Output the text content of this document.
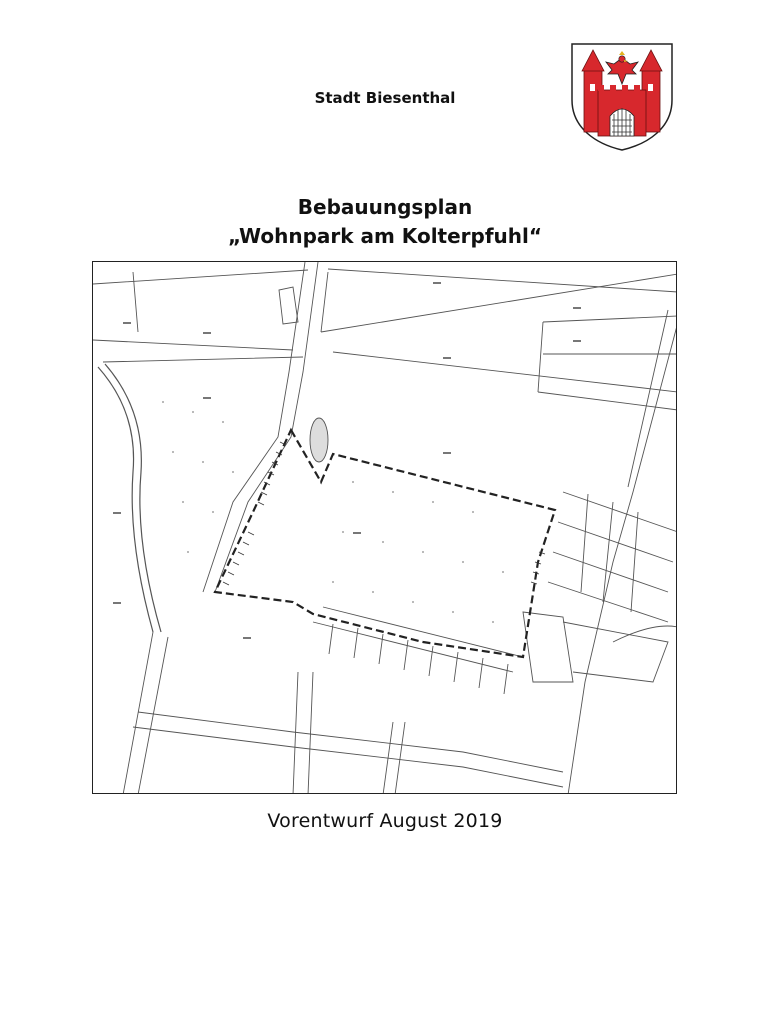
Stadt Biesenthal
Bebauungsplan
„Wohnpark am Kolterpfuhl“
Vorentwurf August 2019
